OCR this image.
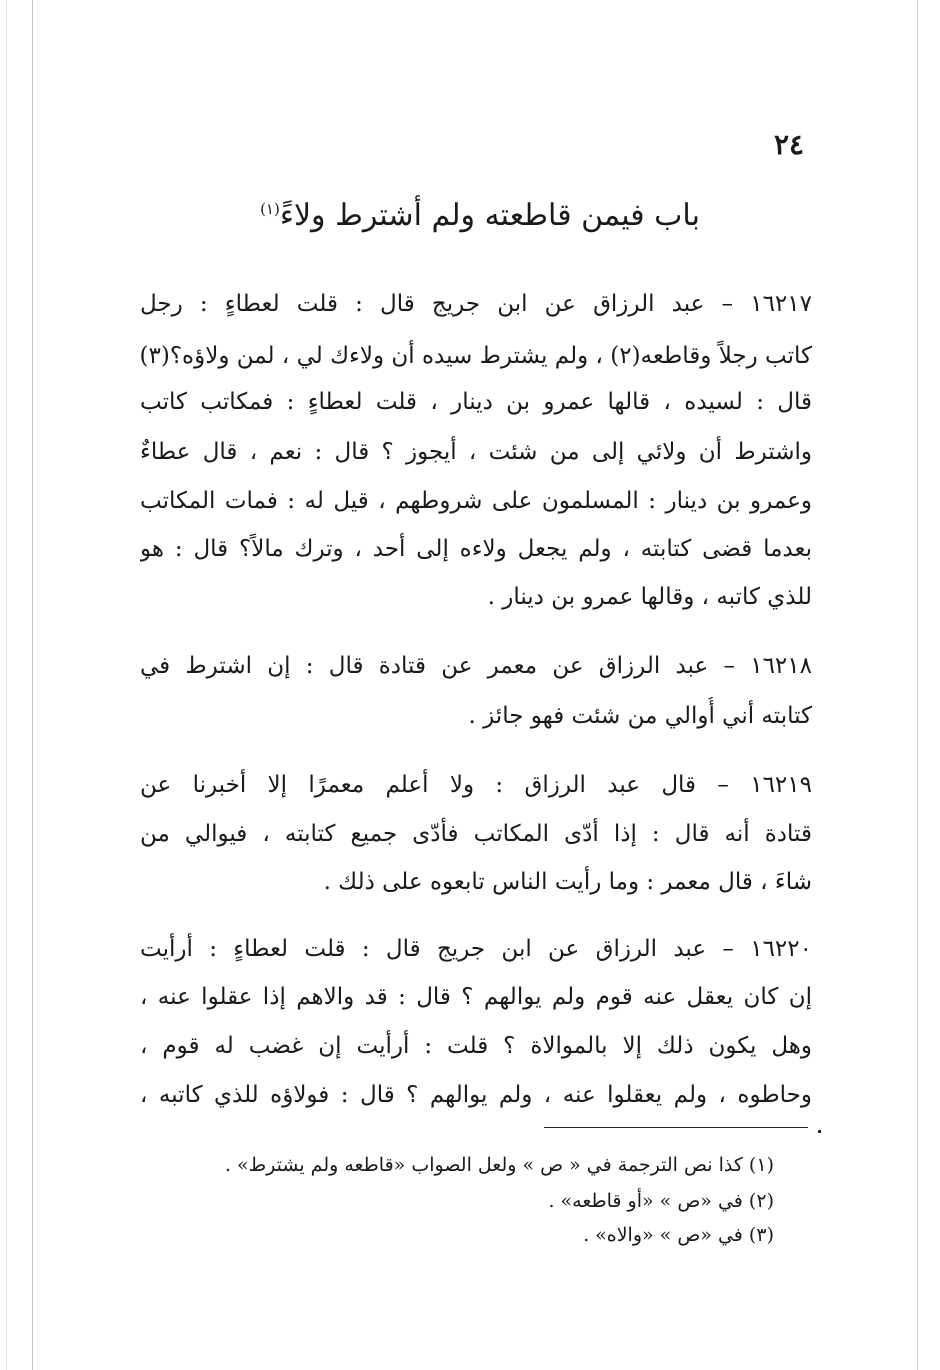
٢٤
باب فيمن قاطعته ولم أشترط ولاءً$^{(١)}$
١٦٢١٧ – عبد الرزاق عن ابن جريج قال : قلت لعطاءٍ : رجل
كاتب رجلاً وقاطعه(٢) ، ولم يشترط سيده أن ولاءك لي ، لمن ولاؤه؟(٣)
قال : لسيده ، قالها عمرو بن دينار ، قلت لعطاءٍ : فمكاتب كاتب
واشترط أن ولائي إلى من شئت ، أيجوز ؟ قال : نعم ، قال عطاءٌ
وعمرو بن دينار : المسلمون على شروطهم ، قيل له : فمات المكاتب
بعدما قضى كتابته ، ولم يجعل ولاءه إلى أحد ، وترك مالاً؟ قال : هو
للذي كاتبه ، وقالها عمرو بن دينار .
١٦٢١٨ – عبد الرزاق عن معمر عن قتادة قال : إن اشترط في
كتابته أني أُوالي من شئت فهو جائز .
١٦٢١٩ – قال عبد الرزاق : ولا أعلم معمرًا إلا أخبرنا عن
قتادة أنه قال : إذا أدّى المكاتب فأدّى جميع كتابته ، فيوالي من
شاءَ ، قال معمر : وما رأيت الناس تابعوه على ذلك .
١٦٢٢٠ – عبد الرزاق عن ابن جريج قال : قلت لعطاءٍ : أرأيت
إن كان يعقل عنه قوم ولم يوالهم ؟ قال : قد والاهم إذا عقلوا عنه ،
وهل يكون ذلك إلا بالموالاة ؟ قلت : أرأيت إن غضب له قوم ،
وحاطوه ، ولم يعقلوا عنه ، ولم يوالهم ؟ قال : فولاؤه للذي كاتبه ،
(١) كذا نص الترجمة في « ص » ولعل الصواب «قاطعه ولم يشترط» .
(٢) في «ص » «أو قاطعه» .
(٣) في «ص » «والاه» .
